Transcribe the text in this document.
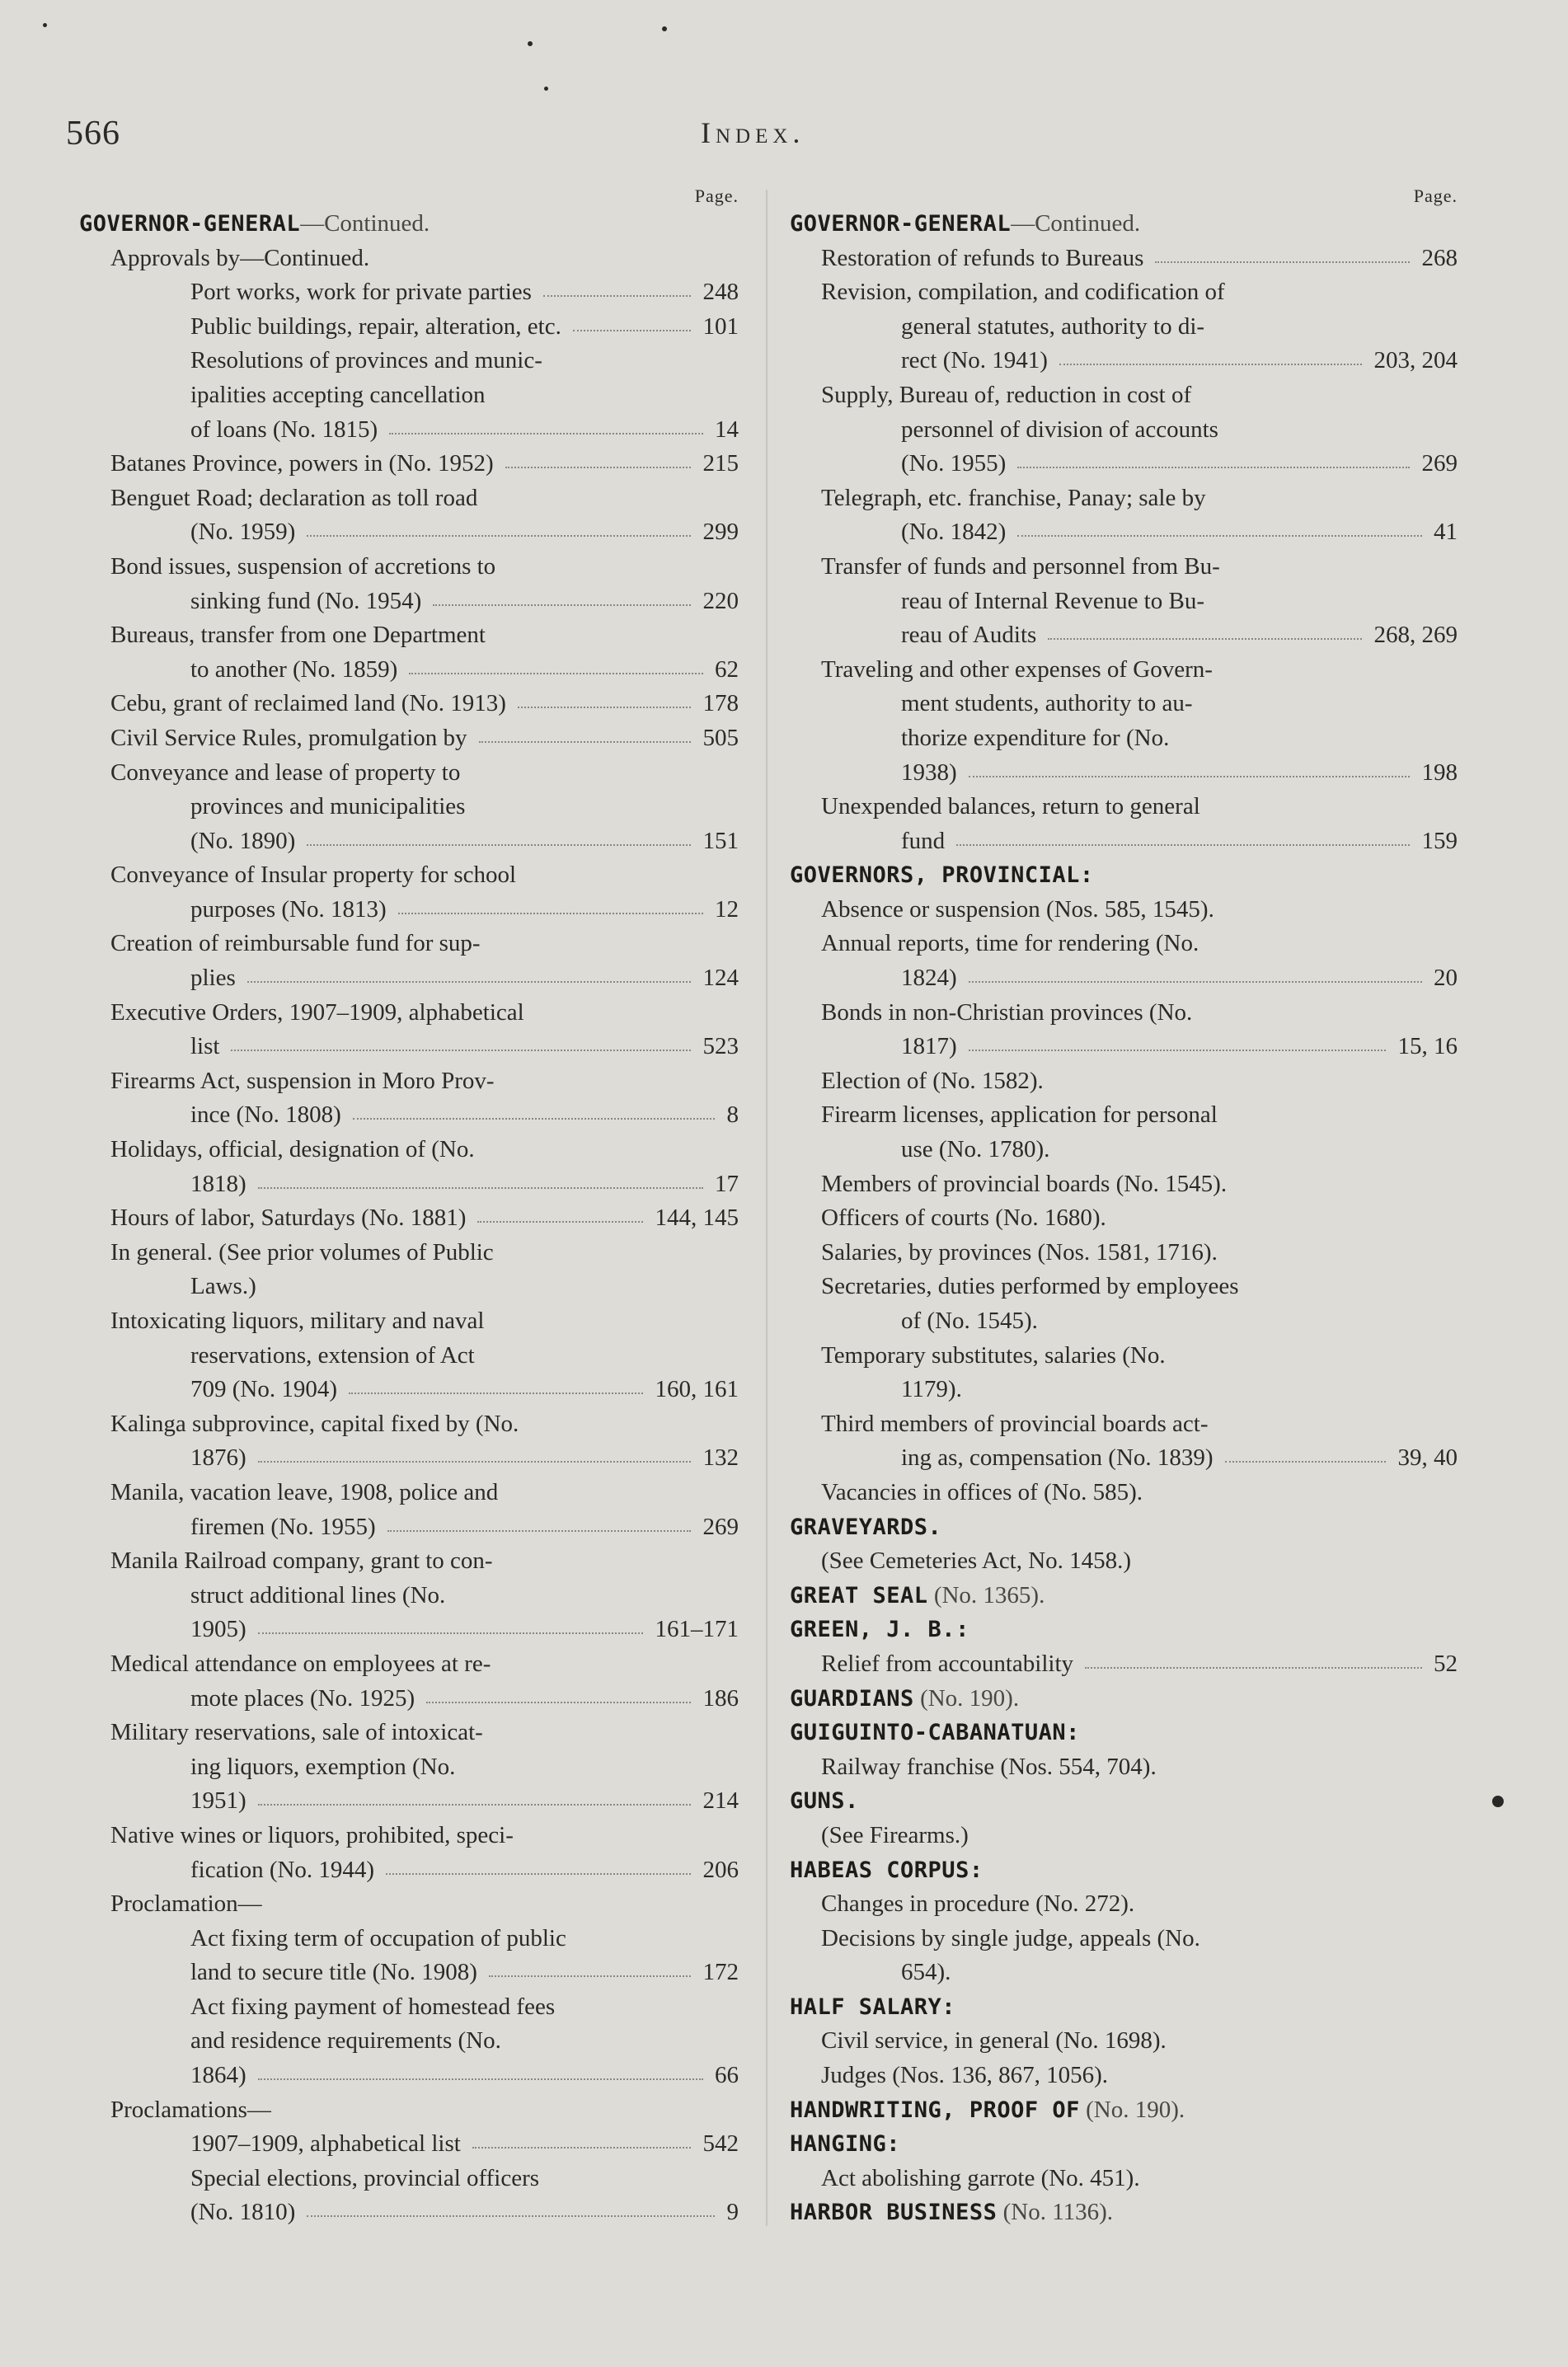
566	Index.
Page.
GOVERNOR-GENERAL—Continued.
Approvals by—Continued.
Port works, work for private parties	248
Public buildings, repair, alteration, etc.	101
Resolutions of provinces and munic-
ipalities accepting cancellation
of loans (No. 1815)	14
Batanes Province, powers in (No. 1952)	215
Benguet Road; declaration as toll road
(No. 1959)	299
Bond issues, suspension of accretions to
sinking fund (No. 1954)	220
Bureaus, transfer from one Department
to another (No. 1859)	62
Cebu, grant of reclaimed land (No. 1913)	178
Civil Service Rules, promulgation by	505
Conveyance and lease of property to
provinces and municipalities
(No. 1890)	151
Conveyance of Insular property for school
purposes (No. 1813)	12
Creation of reimbursable fund for sup-
plies	124
Executive Orders, 1907–1909, alphabetical
list	523
Firearms Act, suspension in Moro Prov-
ince (No. 1808)	8
Holidays, official, designation of (No.
1818)	17
Hours of labor, Saturdays (No. 1881)	144, 145
In general. (See prior volumes of Public
Laws.)
Intoxicating liquors, military and naval
reservations, extension of Act
709 (No. 1904)	160, 161
Kalinga subprovince, capital fixed by (No.
1876)	132
Manila, vacation leave, 1908, police and
firemen (No. 1955)	269
Manila Railroad company, grant to con-
struct additional lines (No.
1905)	161–171
Medical attendance on employees at re-
mote places (No. 1925)	186
Military reservations, sale of intoxicat-
ing liquors, exemption (No.
1951)	214
Native wines or liquors, prohibited, speci-
fication (No. 1944)	206
Proclamation—
Act fixing term of occupation of public
land to secure title (No. 1908)	172
Act fixing payment of homestead fees
and residence requirements (No.
1864)	66
Proclamations—
1907–1909, alphabetical list	542
Special elections, provincial officers
(No. 1810)	9
Page.
GOVERNOR-GENERAL—Continued.
Restoration of refunds to Bureaus	268
Revision, compilation, and codification of
general statutes, authority to di-
rect (No. 1941)	203, 204
Supply, Bureau of, reduction in cost of
personnel of division of accounts
(No. 1955)	269
Telegraph, etc. franchise, Panay; sale by
(No. 1842)	41
Transfer of funds and personnel from Bu-
reau of Internal Revenue to Bu-
reau of Audits	268, 269
Traveling and other expenses of Govern-
ment students, authority to au-
thorize expenditure for (No.
1938)	198
Unexpended balances, return to general
fund	159
GOVERNORS, PROVINCIAL:
Absence or suspension (Nos. 585, 1545).
Annual reports, time for rendering (No.
1824)	20
Bonds in non-Christian provinces (No.
1817)	15, 16
Election of (No. 1582).
Firearm licenses, application for personal
use (No. 1780).
Members of provincial boards (No. 1545).
Officers of courts (No. 1680).
Salaries, by provinces (Nos. 1581, 1716).
Secretaries, duties performed by employees
of (No. 1545).
Temporary substitutes, salaries (No.
1179).
Third members of provincial boards act-
ing as, compensation (No. 1839)	39, 40
Vacancies in offices of (No. 585).
GRAVEYARDS.
(See Cemeteries Act, No. 1458.)
GREAT SEAL (No. 1365).
GREEN, J. B.:
Relief from accountability	52
GUARDIANS (No. 190).
GUIGUINTO-CABANATUAN:
Railway franchise (Nos. 554, 704).
GUNS.
(See Firearms.)
HABEAS CORPUS:
Changes in procedure (No. 272).
Decisions by single judge, appeals (No.
654).
HALF SALARY:
Civil service, in general (No. 1698).
Judges (Nos. 136, 867, 1056).
HANDWRITING, PROOF OF (No. 190).
HANGING:
Act abolishing garrote (No. 451).
HARBOR BUSINESS (No. 1136).
